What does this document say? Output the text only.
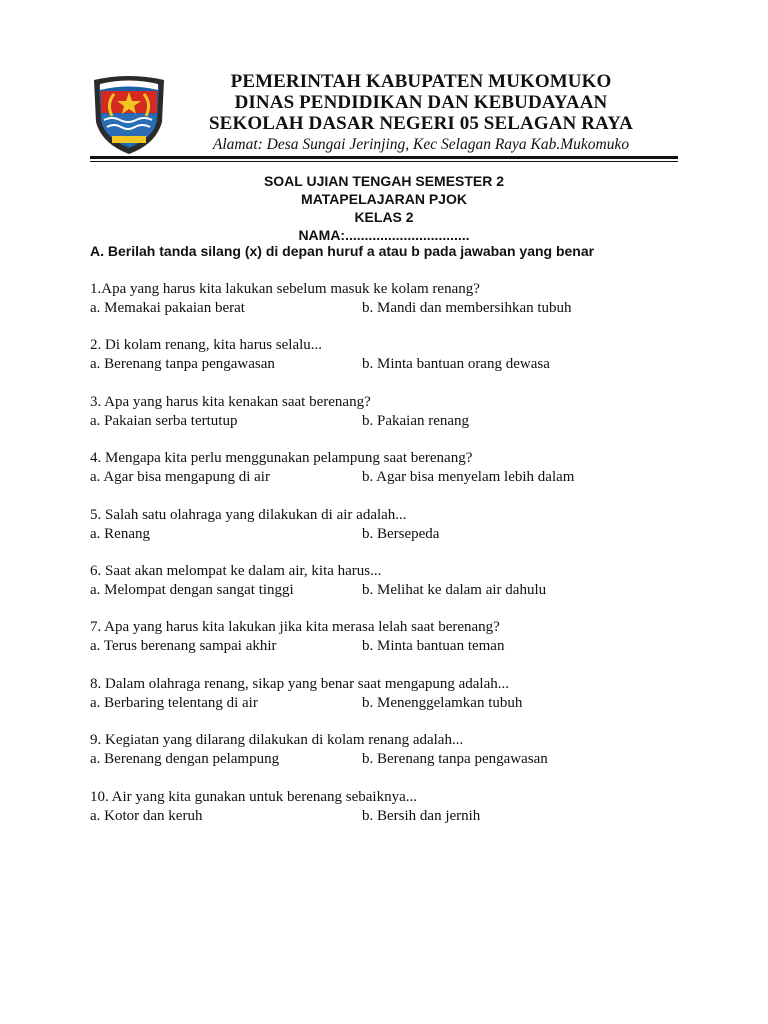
PEMERINTAH KABUPATEN MUKOMUKO
DINAS PENDIDIKAN DAN KEBUDAYAAN
SEKOLAH DASAR NEGERI 05 SELAGAN RAYA
Alamat: Desa Sungai Jerinjing, Kec Selagan Raya Kab.Mukomuko
SOAL UJIAN TENGAH SEMESTER 2
MATAPELAJARAN PJOK
KELAS 2
NAMA:................................
A. Berilah tanda silang (x) di depan huruf a atau b pada jawaban yang benar
1.Apa yang harus kita lakukan sebelum masuk ke kolam renang?
a. Memakai pakaian berat	b. Mandi dan membersihkan tubuh
2. Di kolam renang, kita harus selalu...
a. Berenang tanpa pengawasan	b. Minta bantuan orang dewasa
3. Apa yang harus kita kenakan saat berenang?
a. Pakaian serba tertutup	b. Pakaian renang
4. Mengapa kita perlu menggunakan pelampung saat berenang?
a. Agar bisa mengapung di air	b. Agar bisa menyelam lebih dalam
5. Salah satu olahraga yang dilakukan di air adalah...
a. Renang	b. Bersepeda
6. Saat akan melompat ke dalam air, kita harus...
a. Melompat dengan sangat tinggi	b. Melihat ke dalam air dahulu
7. Apa yang harus kita lakukan jika kita merasa lelah saat berenang?
a. Terus berenang sampai akhir	b. Minta bantuan teman
8. Dalam olahraga renang, sikap yang benar saat mengapung adalah...
a. Berbaring telentang di air	b. Menenggelamkan tubuh
9. Kegiatan yang dilarang dilakukan di kolam renang adalah...
a. Berenang dengan pelampung	b. Berenang tanpa pengawasan
10. Air yang kita gunakan untuk berenang sebaiknya...
a. Kotor dan keruh	b. Bersih dan jernih
